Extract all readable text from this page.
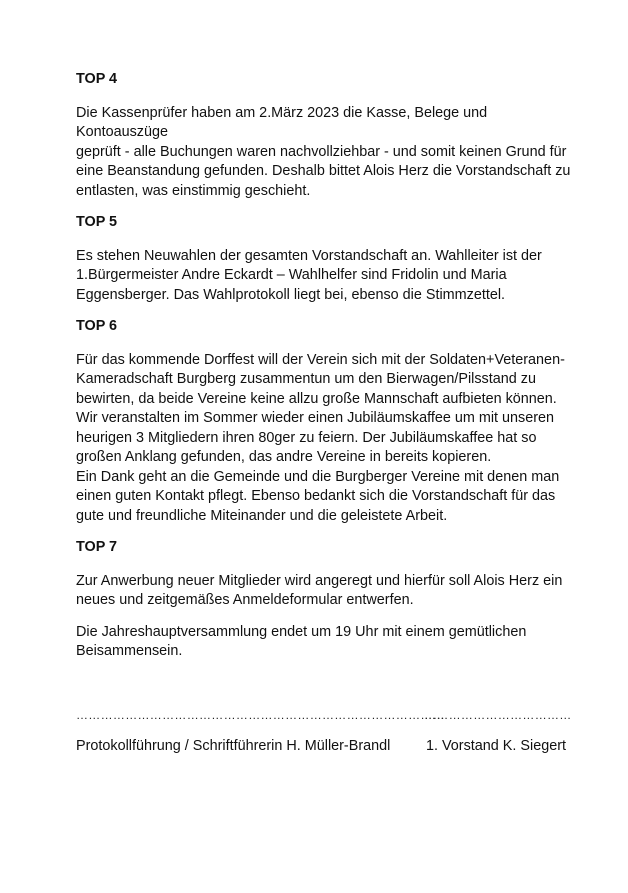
TOP 4
Die Kassenprüfer haben am 2.März 2023 die Kasse, Belege und Kontoauszüge
geprüft - alle Buchungen waren nachvollziehbar - und somit keinen Grund für
eine Beanstandung gefunden. Deshalb bittet Alois Herz die Vorstandschaft zu
entlasten, was einstimmig geschieht.
TOP 5
Es stehen Neuwahlen der gesamten Vorstandschaft an. Wahlleiter ist der
1.Bürgermeister Andre Eckardt – Wahlhelfer sind Fridolin und Maria
Eggensberger. Das Wahlprotokoll liegt bei, ebenso die Stimmzettel.
TOP 6
Für das kommende Dorffest will der Verein sich mit der Soldaten+Veteranen-
Kameradschaft Burgberg zusammentun um den Bierwagen/Pilsstand zu
bewirten, da beide Vereine keine allzu große Mannschaft aufbieten können.
Wir veranstalten im Sommer wieder einen Jubiläumskaffee um mit unseren
heurigen 3 Mitgliedern ihren 80ger zu feiern. Der Jubiläumskaffee hat so
großen Anklang gefunden, das andre Vereine in bereits kopieren.
Ein Dank geht an die Gemeinde und die Burgberger Vereine mit denen man
einen guten Kontakt pflegt. Ebenso bedankt sich die Vorstandschaft für das
gute und freundliche Miteinander und die geleistete Arbeit.
TOP 7
Zur Anwerbung neuer Mitglieder wird angeregt und hierfür soll Alois Herz ein
neues und zeitgemäßes Anmeldeformular entwerfen.
Die Jahreshauptversammlung endet um 19 Uhr mit einem gemütlichen
Beisammensein.
………………………………………………………………………………
………………………………
Protokollführung / Schriftführerin H. Müller-Brandl 1. Vorstand K. Siegert
